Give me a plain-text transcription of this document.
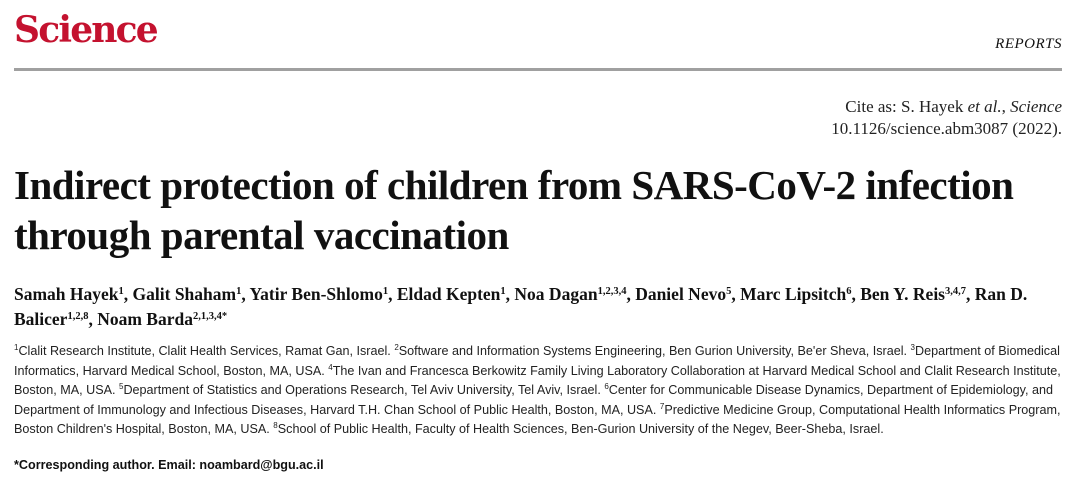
Science	REPORTS
Cite as: S. Hayek et al., Science
10.1126/science.abm3087 (2022).
Indirect protection of children from SARS-CoV-2 infection
through parental vaccination
Samah Hayek$^1$, Galit Shaham$^1$, Yatir Ben-Shlomo$^1$, Eldad Kepten$^1$, Noa Dagan$^{1,2,3,4}$, Daniel Nevo$^5$, Marc Lipsitch$^6$, Ben Y. Reis$^{3,4,7}$, Ran D. Balicer$^{1,2,8}$, Noam Barda$^{2,1,3,4*}$
$^1$Clalit Research Institute, Clalit Health Services, Ramat Gan, Israel. $^2$Software and Information Systems Engineering, Ben Gurion University, Be'er Sheva, Israel. $^3$Department of Biomedical Informatics, Harvard Medical School, Boston, MA, USA. $^4$The Ivan and Francesca Berkowitz Family Living Laboratory Collaboration at Harvard Medical School and Clalit Research Institute, Boston, MA, USA. $^5$Department of Statistics and Operations Research, Tel Aviv University, Tel Aviv, Israel. $^6$Center for Communicable Disease Dynamics, Department of Epidemiology, and Department of Immunology and Infectious Diseases, Harvard T.H. Chan School of Public Health, Boston, MA, USA. $^7$Predictive Medicine Group, Computational Health Informatics Program, Boston Children's Hospital, Boston, MA, USA. $^8$School of Public Health, Faculty of Health Sciences, Ben-Gurion University of the Negev, Beer-Sheba, Israel.
*Corresponding author. Email: noambard@bgu.ac.il
